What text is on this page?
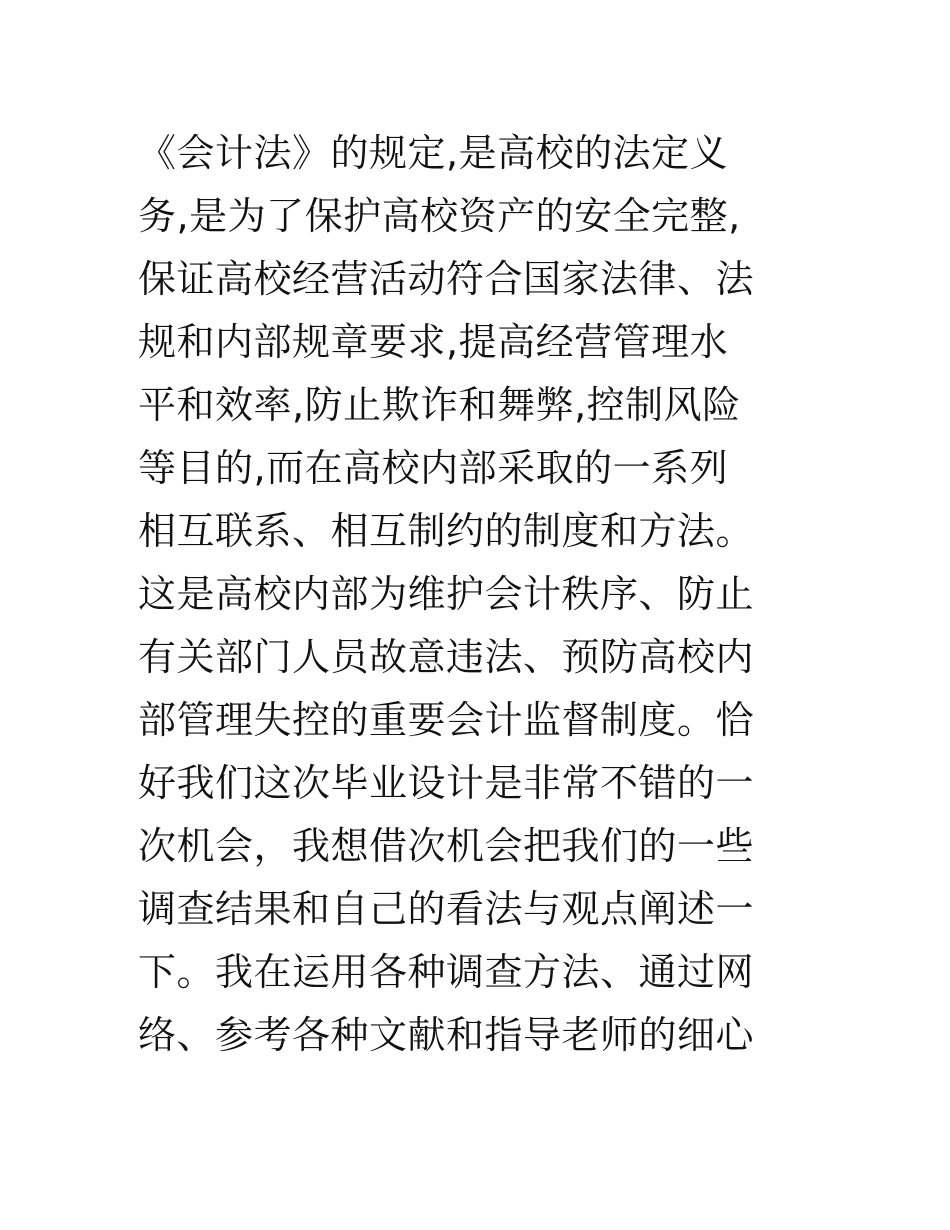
《会计法》的规定,是高校的法定义
务,是为了保护高校资产的安全完整,
保证高校经营活动符合国家法律、法
规和内部规章要求,提高经营管理水
平和效率,防止欺诈和舞弊,控制风险
等目的,而在高校内部采取的一系列
相互联系、相互制约的制度和方法。
这是高校内部为维护会计秩序、防止
有关部门人员故意违法、预防高校内
部管理失控的重要会计监督制度。恰
好我们这次毕业设计是非常不错的一
次机会，我想借次机会把我们的一些
调查结果和自己的看法与观点阐述一
下。我在运用各种调查方法、通过网
络、参考各种文献和指导老师的细心
